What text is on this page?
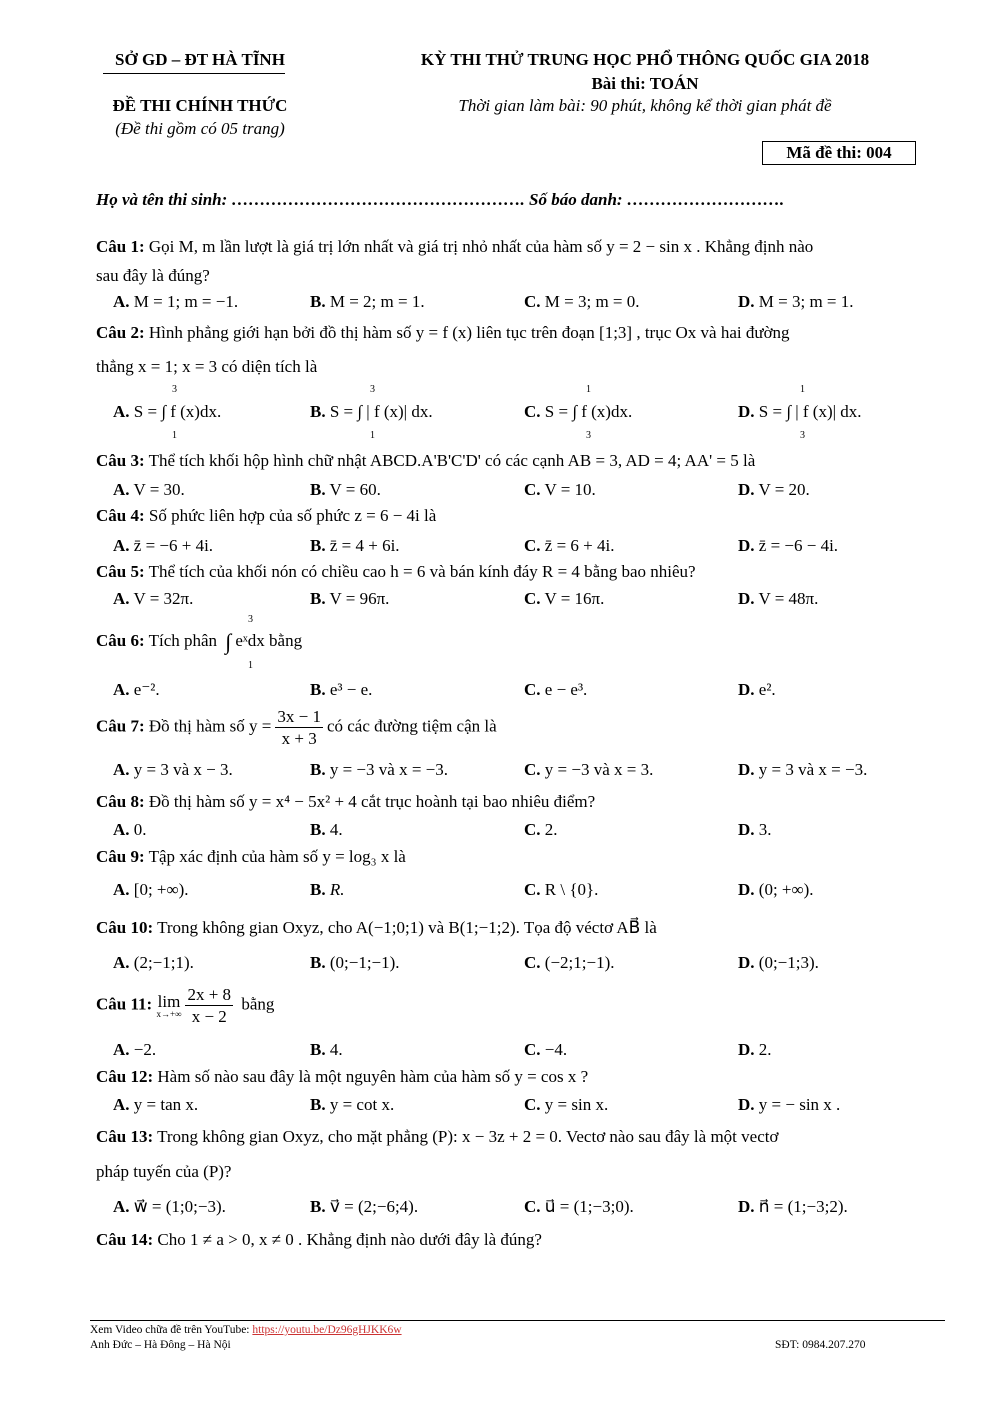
SỞ GD – ĐT HÀ TĨNH
ĐỀ THI CHÍNH THỨC
(Đề thi gồm có 05 trang)
KỲ THI THỬ TRUNG HỌC PHỔ THÔNG QUỐC GIA 2018
Bài thi: TOÁN
Thời gian làm bài: 90 phút, không kể thời gian phát đề
Mã đề thi: 004
Họ và tên thi sinh: ……………………………………………. Số báo danh: ……………………….
Câu 1: Gọi M, m lần lượt là giá trị lớn nhất và giá trị nhỏ nhất của hàm số y = 2 − sin x . Khẳng định nào
sau đây là đúng?
A. M = 1; m = −1.	B. M = 2; m = 1.	C. M = 3; m = 0.	D. M = 3; m = 1.
Câu 2: Hình phẳng giới hạn bởi đồ thị hàm số y = f (x) liên tục trên đoạn [1;3] , trục Ox và hai đường
thẳng x = 1; x = 3 có diện tích là
A. S = ∫ f (x)dx.
3
1
B. S = ∫ | f (x)| dx.
3
1
C. S = ∫ f (x)dx.
1
3
D. S = ∫ | f (x)| dx.
1
3
Câu 3: Thể tích khối hộp hình chữ nhật ABCD.A'B'C'D' có các cạnh AB = 3, AD = 4; AA' = 5 là
A. V = 30.	B. V = 60.	C. V = 10.	D. V = 20.
Câu 4: Số phức liên hợp của số phức z = 6 − 4i là
A. z̄ = −6 + 4i.	B. z̄ = 4 + 6i.	C. z̄ = 6 + 4i.	D. z̄ = −6 − 4i.
Câu 5: Thể tích của khối nón có chiều cao h = 6 và bán kính đáy R = 4 bằng bao nhiêu?
A. V = 32π.	B. V = 96π.	C. V = 16π.	D. V = 48π.
Câu 6: Tích phân ∫ eˣdx bằng
3
1
A. e⁻².	B. e³ − e.	C. e − e³.	D. e².
Câu 7: Đồ thị hàm số $y = \frac{3x - 1}{x + 3}$ có các đường tiệm cận là
A. y = 3 và x − 3.	B. y = −3 và x = −3.	C. y = −3 và x = 3.	D. y = 3 và x = −3.
Câu 8: Đồ thị hàm số y = x⁴ − 5x² + 4 cắt trục hoành tại bao nhiêu điểm?
A. 0.	B. 4.	C. 2.	D. 3.
Câu 9: Tập xác định của hàm số y = log₃ x là
A. [0; +∞).	B. R.	C. R \ {0}.	D. (0; +∞).
Câu 10: Trong không gian Oxyz, cho A(−1;0;1) và B(1;−1;2). Tọa độ véctơ AB⃗ là
A. (2;−1;1).	B. (0;−1;−1).	C. (−2;1;−1).	D. (0;−1;3).
Câu 11: lim
$x\to+\infty \frac{2x + 8}{x - 2}$ bằng
A. −2.	B. 4.	C. −4.	D. 2.
Câu 12: Hàm số nào sau đây là một nguyên hàm của hàm số y = cos x ?
A. y = tan x.	B. y = cot x.	C. y = sin x.	D. y = − sin x .
Câu 13: Trong không gian Oxyz, cho mặt phẳng (P): x − 3z + 2 = 0. Vectơ nào sau đây là một vectơ
pháp tuyến của (P)?
A. w⃗ = (1;0;−3).	B. v⃗ = (2;−6;4).	C. u⃗ = (1;−3;0).	D. n⃗ = (1;−3;2).
Câu 14: Cho 1 ≠ a > 0, x ≠ 0 . Khẳng định nào dưới đây là đúng?
Xem Video chữa đề trên YouTube: https://youtu.be/Dz96gHJKK6w
Anh Đức – Hà Đông – Hà Nội	SĐT: 0984.207.270
